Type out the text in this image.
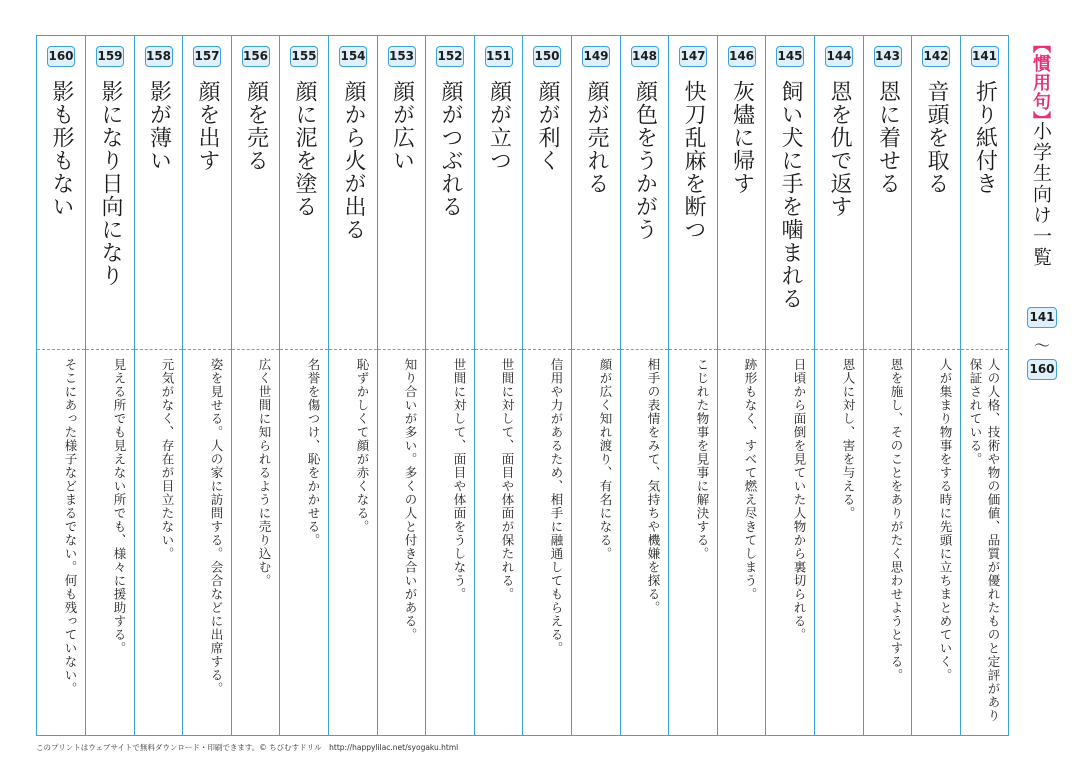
160
影も形もない
そこにあった様子などまるでない。何も残っていない。
159
影になり日向になり
見える所でも見えない所でも、様々に援助する。
158
影が薄い
元気がなく、存在が目立たない。
157
顔を出す
姿を見せる。人の家に訪問する。会合などに出席する。
156
顔を売る
広く世間に知られるように売り込む。
155
顔に泥を塗る
名誉を傷つけ、恥をかかせる。
154
顔から火が出る
恥ずかしくて顔が赤くなる。
153
顔が広い
知り合いが多い。多くの人と付き合いがある。
152
顔がつぶれる
世間に対して、面目や体面をうしなう。
151
顔が立つ
世間に対して、面目や体面が保たれる。
150
顔が利く
信用や力があるため、相手に融通してもらえる。
149
顔が売れる
顔が広く知れ渡り、有名になる。
148
顔色をうかがう
相手の表情をみて、気持ちや機嫌を探る。
147
快刀乱麻を断つ
こじれた物事を見事に解決する。
146
灰燼に帰す
跡形もなく、すべて燃え尽きてしまう。
145
飼い犬に手を噛まれる
日頃から面倒を見ていた人物から裏切られる。
144
恩を仇で返す
恩人に対し、害を与える。
143
恩に着せる
恩を施し、そのことをありがたく思わせようとする。
142
音頭を取る
人が集まり物事をする時に先頭に立ちまとめていく。
141
折り紙付き
人の人格、技術や物の価値、品質が優れたものと定評があり保証されている。
【慣用句】
小学生向け一覧
141
〜
160
このプリントはウェブサイトで無料ダウンロード・印刷できます。© ちびむすドリル　http://happylilac.net/syogaku.html
